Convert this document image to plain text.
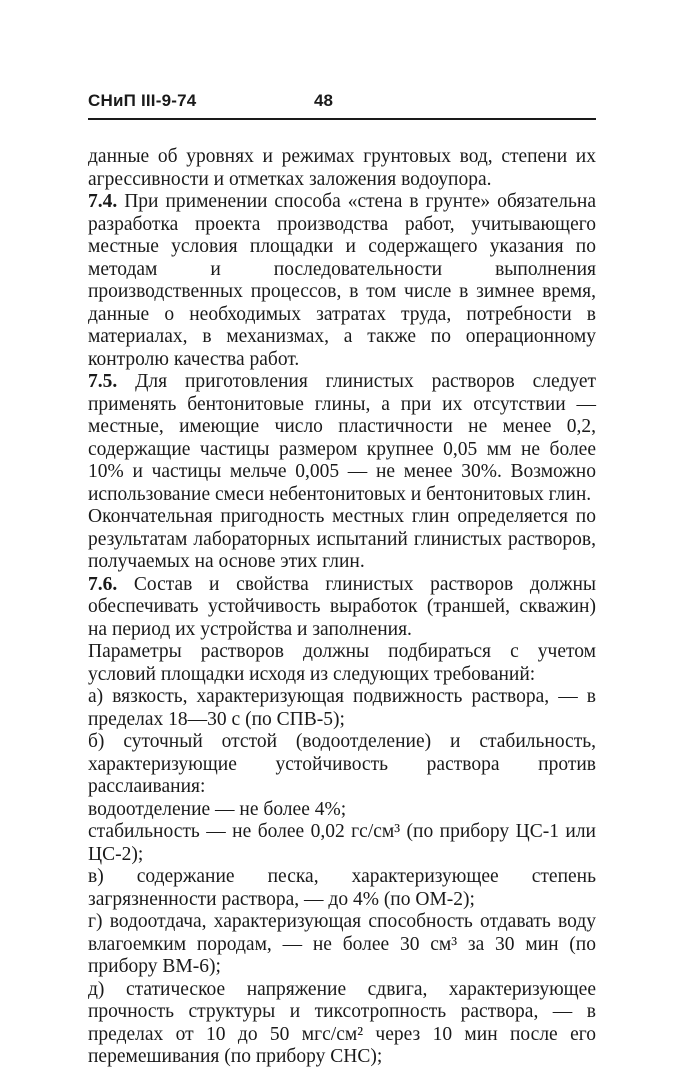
СНиП III-9-74	48

данные об уровнях и режимах грунтовых вод, степени их агрессивности и отметках заложения водоупора.

7.4. При применении способа «стена в грунте» обязательна разработка проекта производства работ, учитывающего местные условия площадки и содержащего указания по методам и последовательности выполнения производственных процессов, в том числе в зимнее время, данные о необходимых затратах труда, потребности в материалах, в механизмах, а также по операционному контролю качества работ.

7.5. Для приготовления глинистых растворов следует применять бентонитовые глины, а при их отсутствии — местные, имеющие число пластичности не менее 0,2, содержащие частицы размером крупнее 0,05 мм не более 10% и частицы мельче 0,005 — не менее 30%. Возможно использование смеси небентонитовых и бентонитовых глин.

Окончательная пригодность местных глин определяется по результатам лабораторных испытаний глинистых растворов, получаемых на основе этих глин.

7.6. Состав и свойства глинистых растворов должны обеспечивать устойчивость выработок (траншей, скважин) на период их устройства и заполнения.

Параметры растворов должны подбираться с учетом условий площадки исходя из следующих требований:

а) вязкость, характеризующая подвижность раствора, — в пределах 18—30 с (по СПВ-5);

б) суточный отстой (водоотделение) и стабильность, характеризующие устойчивость раствора против расслаивания:

водоотделение — не более 4%;

стабильность — не более 0,02 гс/см³ (по прибору ЦС-1 или ЦС-2);

в) содержание песка, характеризующее степень загрязненности раствора, — до 4% (по ОМ-2);

г) водоотдача, характеризующая способность отдавать воду влагоемким породам, — не более 30 см³ за 30 мин (по прибору ВМ-6);

д) статическое напряжение сдвига, характеризующее прочность структуры и тиксотропность раствора, — в пределах от 10 до 50 мгс/см² через 10 мин после его перемешивания (по прибору СНС);
